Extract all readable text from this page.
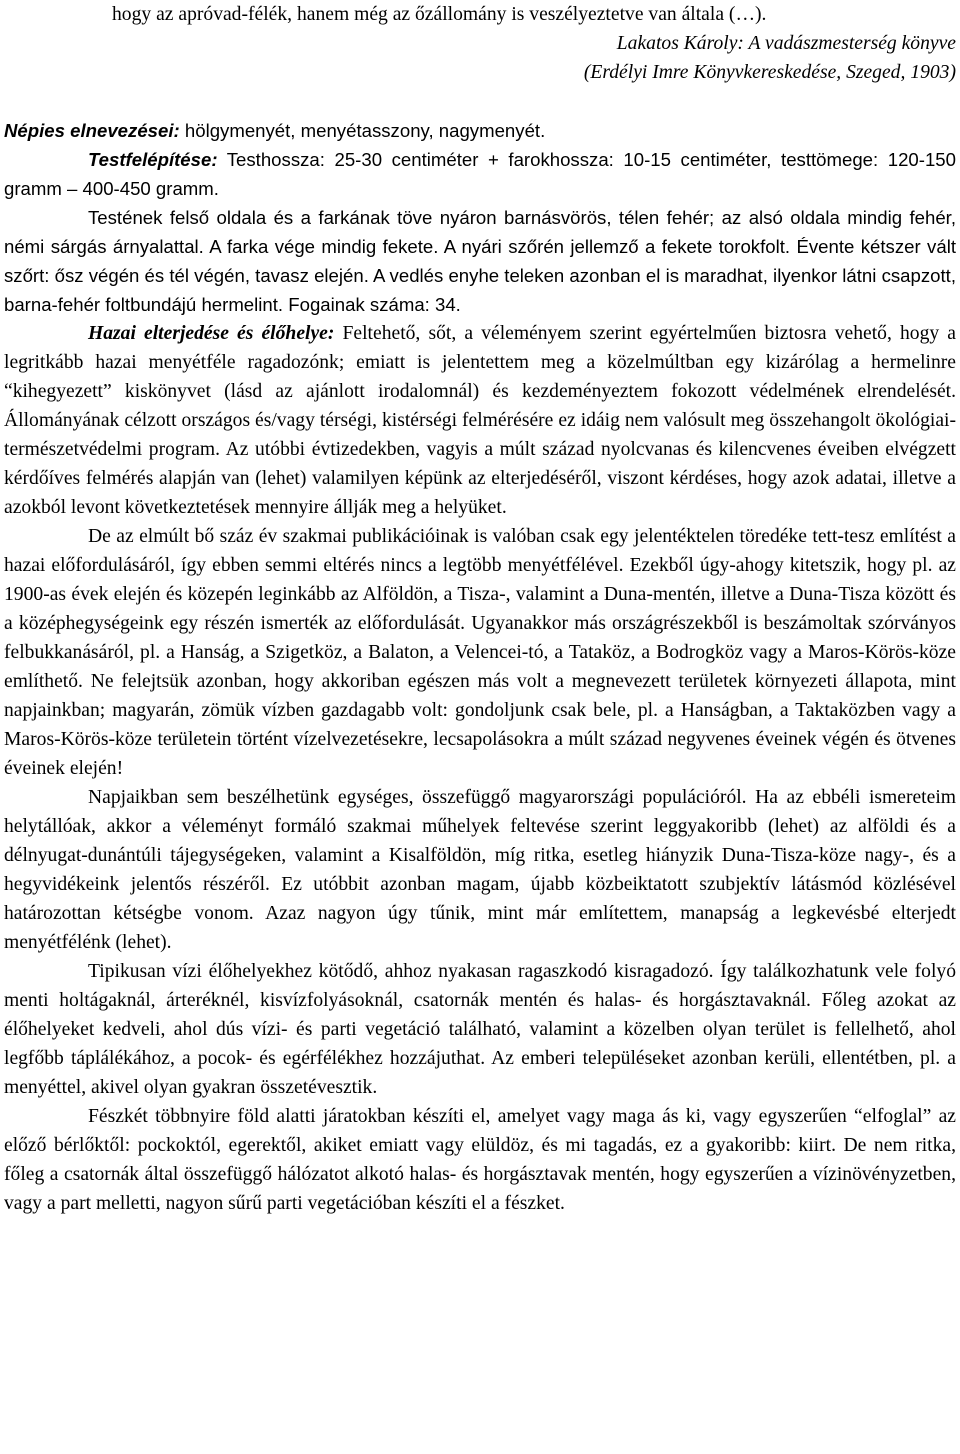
hogy az apróvad-félék, hanem még az őzállomány is veszélyeztetve van általa (…).

Lakatos Károly: A vadászmesterség könyve

(Erdélyi Imre Könyvkereskedése, Szeged, 1903)

Népies elnevezései: hölgymenyét, menyétasszony, nagymenyét.

Testfelépítése: Testhossza: 25-30 centiméter + farokhossza: 10-15 centiméter, testtömege: 120-150 gramm – 400-450 gramm.

Testének felső oldala és a farkának töve nyáron barnásvörös, télen fehér; az alsó oldala mindig fehér, némi sárgás árnyalattal. A farka vége mindig fekete. A nyári szőrén jellemző a fekete torokfolt. Évente kétszer vált szőrt: ősz végén és tél végén, tavasz elején. A vedlés enyhe teleken azonban el is maradhat, ilyenkor látni csapzott, barna-fehér foltbundájú hermelint. Fogainak száma: 34.

Hazai elterjedése és élőhelye: Feltehető, sőt, a véleményem szerint egyértelműen biztosra vehető, hogy a legritkább hazai menyétféle ragadozónk; emiatt is jelentettem meg a közelmúltban egy kizárólag a hermelinre “kihegyezett” kiskönyvet (lásd az ajánlott irodalomnál) és kezdeményeztem fokozott védelmének elrendelését. Állományának célzott országos és/vagy térségi, kistérségi felmérésére ez idáig nem valósult meg összehangolt ökológiai-természetvédelmi program. Az utóbbi évtizedekben, vagyis a múlt század nyolcvanas és kilencvenes éveiben elvégzett kérdőíves felmérés alapján van (lehet) valamilyen képünk az elterjedéséről, viszont kérdéses, hogy azok adatai, illetve a azokból levont következtetések mennyire állják meg a helyüket.

De az elmúlt bő száz év szakmai publikációinak is valóban csak egy jelentéktelen töredéke tett-tesz említést a hazai előfordulásáról, így ebben semmi eltérés nincs a legtöbb menyétfélével. Ezekből úgy-ahogy kitetszik, hogy pl. az 1900-as évek elején és közepén leginkább az Alföldön, a Tisza-, valamint a Duna-mentén, illetve a Duna-Tisza között és a középhegységeink egy részén ismerték az előfordulását. Ugyanakkor más országrészekből is beszámoltak szórványos felbukkanásáról, pl. a Hanság, a Szigetköz, a Balaton, a Velencei-tó, a Tataköz, a Bodrogköz vagy a Maros-Körös-köze említhető. Ne felejtsük azonban, hogy akkoriban egészen más volt a megnevezett területek környezeti állapota, mint napjainkban; magyarán, zömük vízben gazdagabb volt: gondoljunk csak bele, pl. a Hanságban, a Taktaközben vagy a Maros-Körös-köze területein történt vízelvezetésekre, lecsapolásokra a múlt század negyvenes éveinek végén és ötvenes éveinek elején!

Napjaikban sem beszélhetünk egységes, összefüggő magyarországi populációról. Ha az ebbéli ismereteim helytállóak, akkor a véleményt formáló szakmai műhelyek feltevése szerint leggyakoribb (lehet) az alföldi és a délnyugat-dunántúli tájegységeken, valamint a Kisalföldön, míg ritka, esetleg hiányzik Duna-Tisza-köze nagy-, és a hegyvidékeink jelentős részéről. Ez utóbbit azonban magam, újabb közbeiktatott szubjektív látásmód közlésével határozottan kétségbe vonom. Azaz nagyon úgy tűnik, mint már említettem, manapság a legkevésbé elterjedt menyétfélénk (lehet).

Tipikusan vízi élőhelyekhez kötődő, ahhoz nyakasan ragaszkodó kisragadozó. Így találkozhatunk vele folyó menti holtágaknál, árteréknél, kisvízfolyásoknál, csatornák mentén és halas- és horgásztavaknál. Főleg azokat az élőhelyeket kedveli, ahol dús vízi- és parti vegetáció található, valamint a közelben olyan terület is fellelhető, ahol legfőbb táplálékához, a pocok- és egérfélékhez hozzájuthat. Az emberi településeket azonban kerüli, ellentétben, pl. a menyéttel, akivel olyan gyakran összetévesztik.

Fészkét többnyire föld alatti járatokban készíti el, amelyet vagy maga ás ki, vagy egyszerűen “elfoglal” az előző bérlőktől: pockoktól, egerektől, akiket emiatt vagy elüldöz, és mi tagadás, ez a gyakoribb: kiirt. De nem ritka, főleg a csatornák által összefüggő hálózatot alkotó halas- és horgásztavak mentén, hogy egyszerűen a vízinövényzetben, vagy a part melletti, nagyon sűrű parti vegetációban készíti el a fészket.
